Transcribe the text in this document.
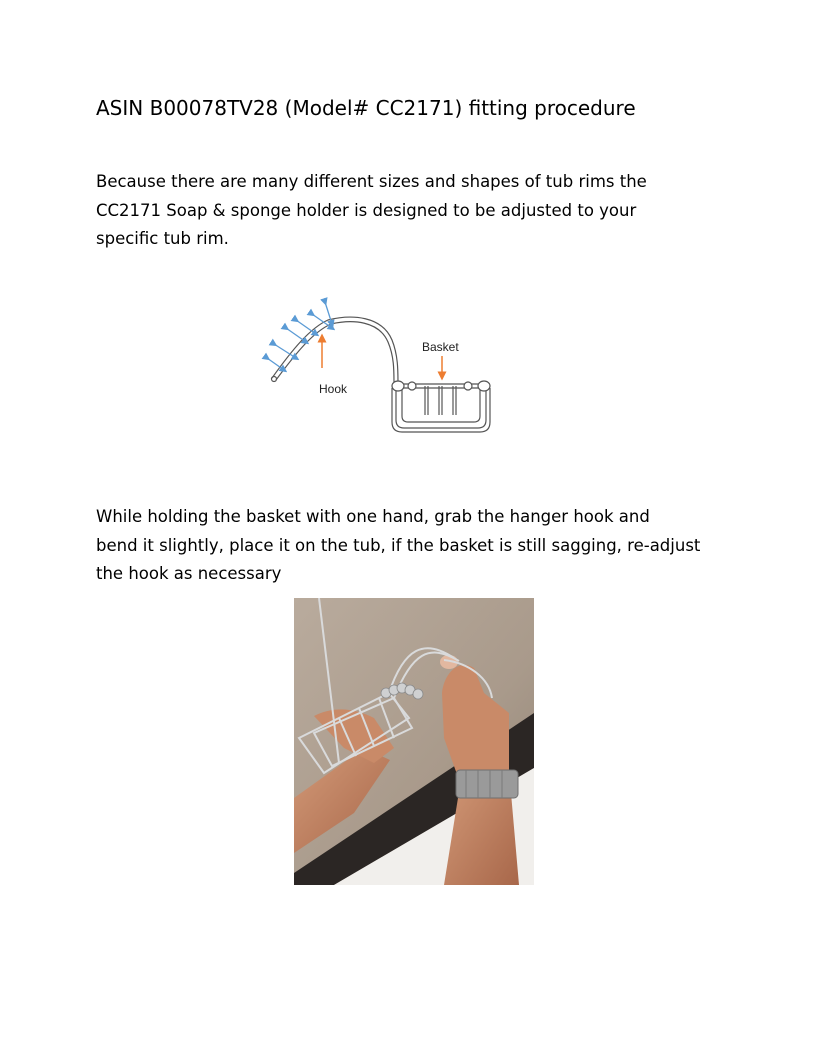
ASIN B00078TV28 (Model# CC2171) fitting procedure
Because there are many different sizes and shapes of tub rims the
CC2171 Soap & sponge holder is designed to be adjusted to your
specific tub rim.
Basket
Hook
While holding the basket with one hand, grab the hanger hook and
bend it slightly, place it on the tub, if the basket is still sagging, re-adjust
the hook as necessary
